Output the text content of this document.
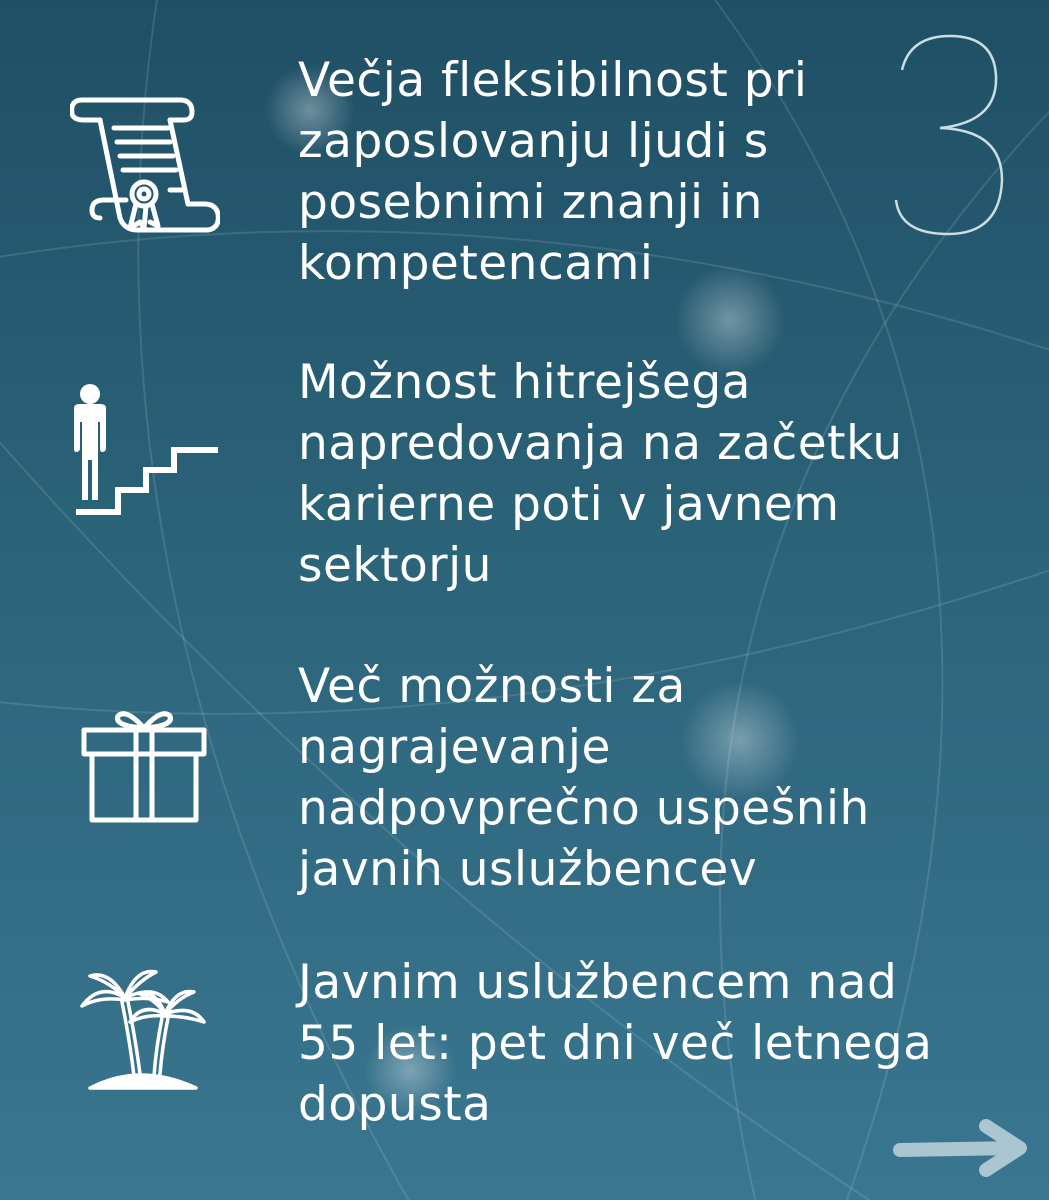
Večja fleksibilnost pri zaposlovanju ljudi s posebnimi znanji in kompetencami
Možnost hitrejšega napredovanja na začetku karierne poti v javnem sektorju
Več možnosti za nagrajevanje nadpovprečno uspešnih javnih uslužbencev
Javnim uslužbencem nad 55 let: pet dni več letnega dopusta
